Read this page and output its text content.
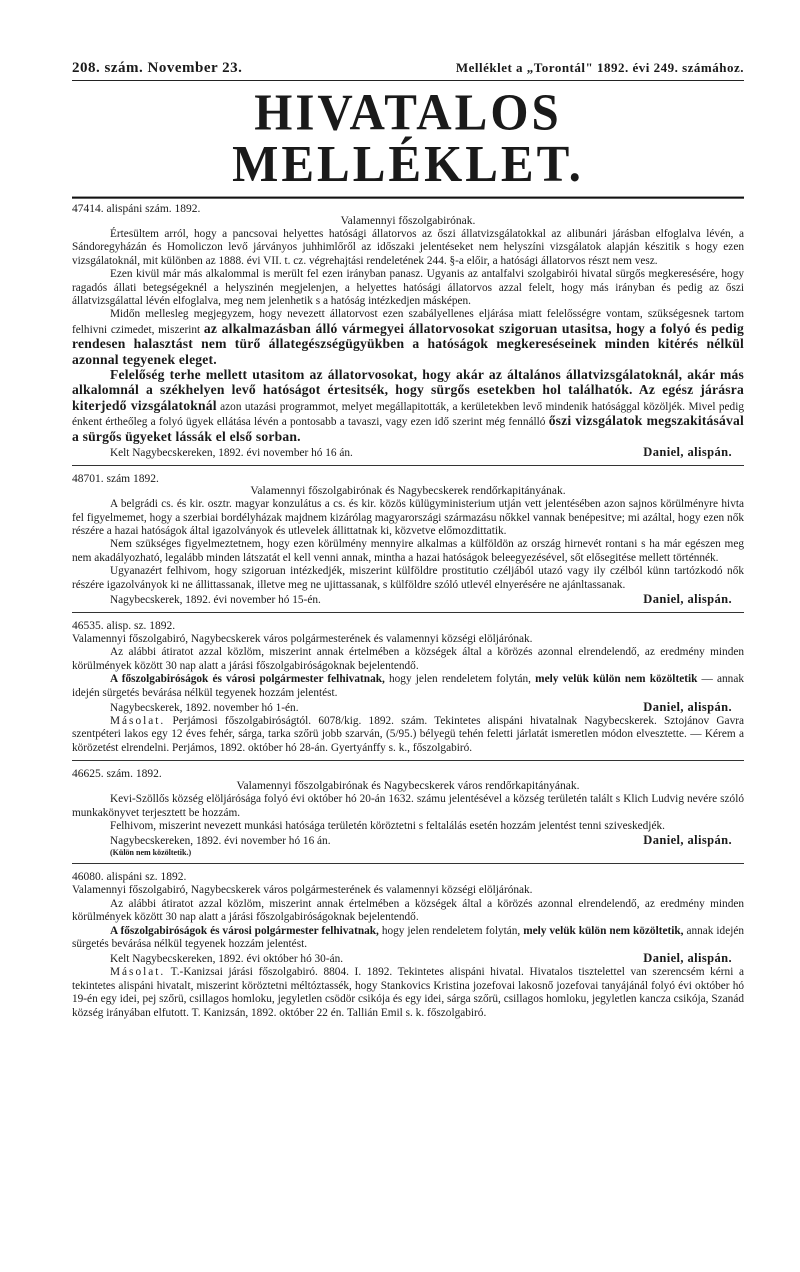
208. szám. November 23.	Melléklet a „Torontál" 1892. évi 249. számához.
HIVATALOS MELLÉKLET.
47414. alispáni szám. 1892.
Valamennyi főszolgabirónak.

Értesültem arról, hogy a pancsovai helyettes hatósági állatorvos az őszi állatvizsgálatokkal az alibunári járásban elfoglalva lévén, a Sándoregyházán és Homoliczon levő járványos juhhimlőről az időszaki jelentéseket nem helyszíni vizsgálatok alapján készitik s hogy ezen vizsgálatoknál, mit különben az 1888. évi VII. t. cz. végrehajtási rendeletének 244. §-a előir, a hatósági állatorvos részt nem vesz.

Ezen kivül már más alkalommal is merült fel ezen irányban panasz. Ugyanis az antalfalvi szolgabirói hivatal sürgős megkeresésére, hogy ragadós állati betegségeknél a helyszinén megjelenjen, a helyettes hatósági állatorvos azzal felelt, hogy más irányban és pedig az őszi állatvizsgálattal lévén elfoglalva, meg nem jelenhetik s a hatóság intézkedjen másképen.

Midőn mellesleg megjegyzem, hogy nevezett állatorvost ezen szabályellenes eljárása miatt felelősségre vontam, szükségesnek tartom felhivni czimedet, miszerint az alkalmazásban álló vármegyei állatorvosokat szigoruan utasitsa, hogy a folyó és pedig rendesen halasztást nem türő állategészségügyükben a hatóságok megkereséseinek minden kitérés nélkül azonnal tegyenek eleget.

Felelőség terhe mellett utasitom az állatorvosokat, hogy akár az általános állatvizsgálatoknál, akár más alkalomnál a székhelyen levő hatóságot értesitsék, hogy sürgős esetekben hol találhatók. Az egész járásra kiterjedő vizsgálatoknál azon utazási programmot, melyet megállapitották, a kerületekben levő mindenik hatósággal közöljék. Mivel pedig énkent értheőleg a folyó ügyek ellátása lévén a pontosabb a tavaszi, vagy ezen idő szerint még fennálló őszi vizsgálatok megszakitásával a sürgős ügyeket lássák el első sorban.

Kelt Nagybecskereken, 1892. évi november hó 16 án.	Daniel, alispán.
48701. szám 1892.
Valamennyi főszolgabirónak és Nagybecskerek rendőrkapitányának.

A belgrádi cs. és kir. osztr. magyar konzulátus a cs. és kir. közös külügyministerium utján vett jelentésében azon sajnos körülményre hivta fel figyelmemet, hogy a szerbiai bordélyházak majdnem kizárólag magyarországi származásu nőkkel vannak benépesitve; mi azáltal, hogy ezen nők részére a hazai hatóságok által igazolványok és utlevelek állittatnak ki, közvetve előmozdittatik.

Nem szükséges figyelmeztetnem, hogy ezen körülmény mennyire alkalmas a külföldön az ország hirnevét rontani s ha már egészen meg nem akadályozható, legalább minden látszatát el kell venni annak, mintha a hazai hatóságok beleegyezésével, sőt elősegitése mellett történnék.

Ugyanazért felhivom, hogy szigoruan intézkedjék, miszerint külföldre prostitutio czéljából utazó vagy ily czélból künn tartózkodó nők részére igazolványok ki ne állittassanak, illetve meg ne ujittassanak, s külföldre szóló utlevél elnyerésére ne ajánltassanak.

Nagybecskerek, 1892. évi november hó 15-én.	Daniel, alispán.
46535. alisp. sz. 1892.

Valamennyi főszolgabiró, Nagybecskerek város polgármesterének és valamennyi községi elöljárónak.

Az alábbi átiratot azzal közlöm, miszerint annak értelmében a községek által a körözés azonnal elrendelendő, az eredmény minden körülmények között 30 nap alatt a járási főszolgabiróságoknak bejelentendő.

A főszolgabiróságok és városi polgármester felhivatnak, hogy jelen rendeletem folytán, mely velük külön nem közöltetik — annak idején sürgetés bevárása nélkül tegyenek hozzám jelentést.

Nagybecskerek, 1892. november hó 1-én.	Daniel, alispán.

Másolat. Perjámosi főszolgabiróságtól. 6078/kig. 1892. szám. Tekintetes alispáni hivatalnak Nagybecskerek. Sztojánov Gavra szentpéteri lakos egy 12 éves fehér, sárga, tarka szőrü jobb szarván, (5/95.) bélyegü tehén feletti járlatát ismeretlen módon elvesztette. — Kérem a körözetést elrendelni. Perjámos, 1892. október hó 28-án. Gyertyánffy s. k., főszolgabiró.

46625. szám. 1892.
Valamennyi főszolgabirónak és Nagybecskerek város rendőrkapitányának.

Kevi-Szöllős község elöljárósága folyó évi október hó 20-án 1632. számu jelentésével a község területén talált s Klich Ludvig nevére szóló munkakönyvet terjesztett be hozzám.

Felhivom, miszerint nevezett munkási hatósága területén köröztetni s feltalálás esetén hozzám jelentést tenni sziveskedjék.

Nagybecskereken, 1892. évi november hó 16 án.	Daniel, alispán.
(Külön nem közöltetik.)
46080. alispáni sz. 1892.

Valamennyi főszolgabiró, Nagybecskerek város polgármesterének és valamennyi községi elöljárónak.

Az alábbi átiratot azzal közlöm, miszerint annak értelmében a községek által a körözés azonnal elrendelendő, az eredmény minden körülmények között 30 nap alatt a járási főszolgabiróságoknak bejelentendő.

A főszolgabiróságok és városi polgármester felhivatnak, hogy jelen rendeletem folytán, mely velük külön nem közöltetik, annak idején sürgetés bevárása nélkül tegyenek hozzám jelentést.

Kelt Nagybecskereken, 1892. évi október hó 30-án.	Daniel, alispán.

Másolat. T.-Kanizsai járási főszolgabiró. 8804. I. 1892. Tekintetes alispáni hivatal. Hivatalos tisztelettel van szerencsém kérni a tekintetes alispáni hivatalt, miszerint köröztetni méltóztassék, hogy Stankovics Kristina jozefovai lakosnő jozefovai tanyájánál folyó évi október hó 19-én egy idei, pej szőrü, csillagos homloku, jegyletlen csödör csikója és egy idei, sárga szőrü, csillagos homloku, jegyletlen kancza csikója, Szanád község irányában elfutott. T. Kanizsán, 1892. október 22 én. Tallián Emil s. k. főszolgabiró.
